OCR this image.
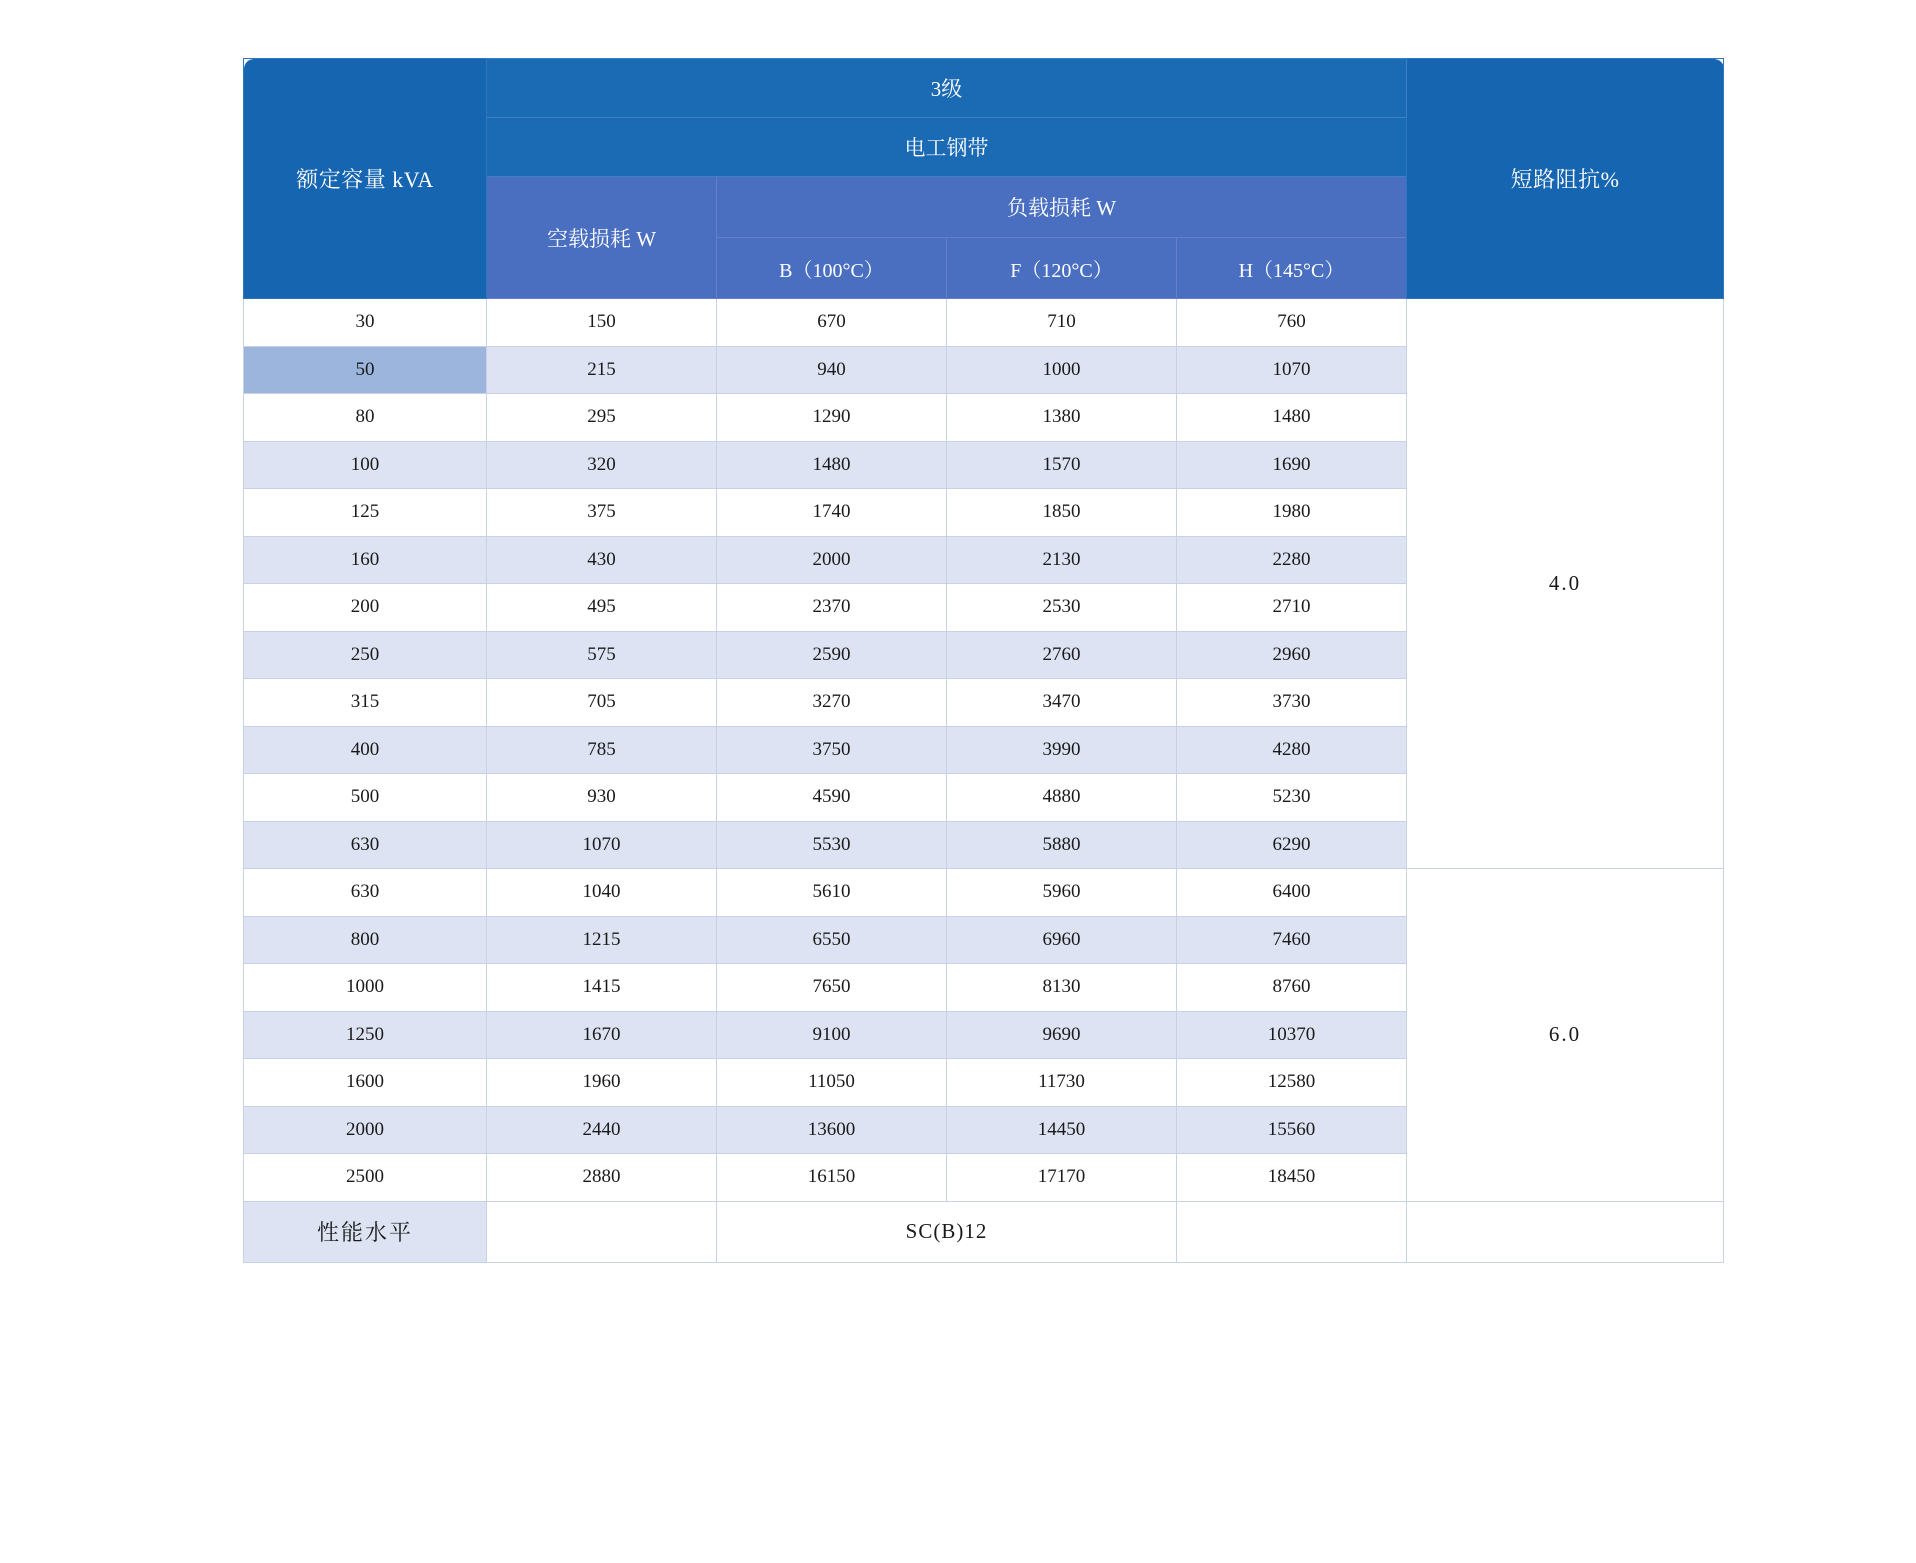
额定容量 kVA	3级				短路阻抗%
	电工钢带				
	空载损耗 W	负载损耗 W			
		B（100°C）	F（120°C）	H（145°C）	
30	150	670	710	760	4.0
50	215	940	1000	1070	
80	295	1290	1380	1480	
100	320	1480	1570	1690	
125	375	1740	1850	1980	
160	430	2000	2130	2280	
200	495	2370	2530	2710	
250	575	2590	2760	2960	
315	705	3270	3470	3730	
400	785	3750	3990	4280	
500	930	4590	4880	5230	
630	1070	5530	5880	6290	
630	1040	5610	5960	6400	6.0
800	1215	6550	6960	7460	
1000	1415	7650	8130	8760	
1250	1670	9100	9690	10370	
1600	1960	11050	11730	12580	
2000	2440	13600	14450	15560	
2500	2880	16150	17170	18450	
性能水平		SC(B)12			
